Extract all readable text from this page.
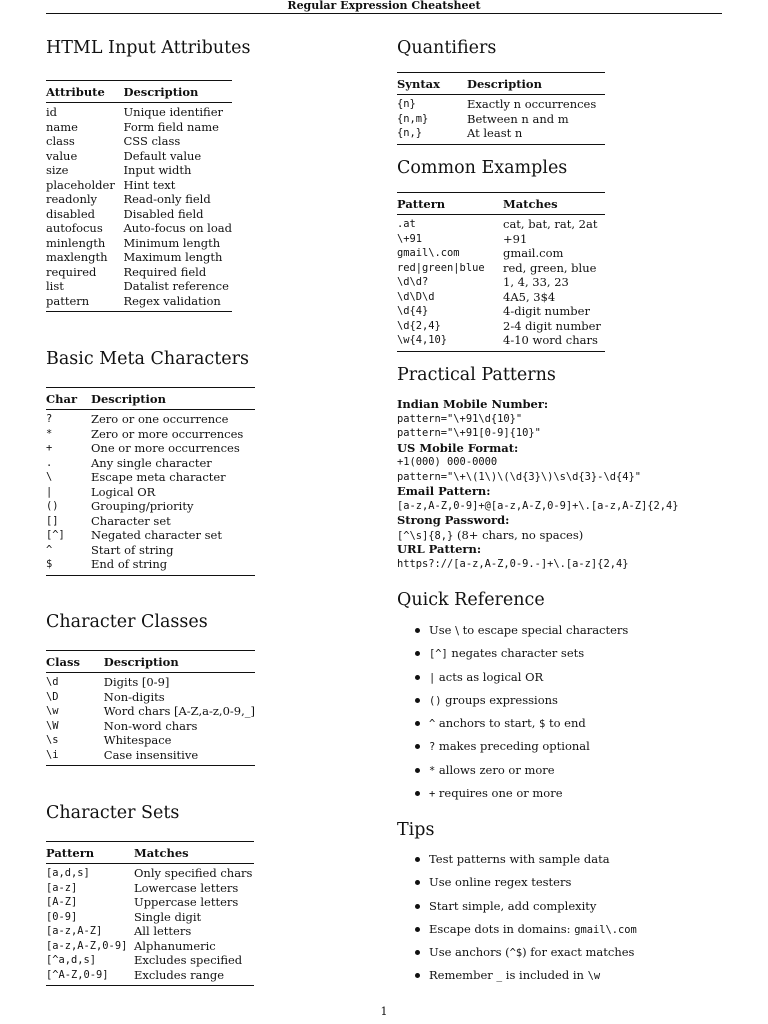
Regular Expression Cheatsheet
HTML Input Attributes
Attribute	Description
id	Unique identifier
name	Form field name
class	CSS class
value	Default value
size	Input width
placeholder	Hint text
readonly	Read-only field
disabled	Disabled field
autofocus	Auto-focus on load
minlength	Minimum length
maxlength	Maximum length
required	Required field
list	Datalist reference
pattern	Regex validation
Basic Meta Characters
Char	Description
?	Zero or one occurrence
*	Zero or more occurrences
+	One or more occurrences
.	Any single character
\	Escape meta character
|	Logical OR
()	Grouping/priority
[]	Character set
[^]	Negated character set
^	Start of string
$	End of string
Character Classes
Class	Description
\d	Digits [0-9]
\D	Non-digits
\w	Word chars [A-Z,a-z,0-9,_]
\W	Non-word chars
\s	Whitespace
\i	Case insensitive
Character Sets
Pattern	Matches
[a,d,s]	Only specified chars
[a-z]	Lowercase letters
[A-Z]	Uppercase letters
[0-9]	Single digit
[a-z,A-Z]	All letters
[a-z,A-Z,0-9]	Alphanumeric
[^a,d,s]	Excludes specified
[^A-Z,0-9]	Excludes range
Quantifiers
Syntax	Description
{n}	Exactly n occurrences
{n,m}	Between n and m
{n,}	At least n
Common Examples
Pattern	Matches
.at	cat, bat, rat, 2at
\+91	+91
gmail\.com	gmail.com
red|green|blue	red, green, blue
\d\d?	1, 4, 33, 23
\d\D\d	4A5, 3$4
\d{4}	4-digit number
\d{2,4}	2-4 digit number
\w{4,10}	4-10 word chars
Practical Patterns
Indian Mobile Number:
pattern="\+91\d{10}"
pattern="\+91[0-9]{10}"
US Mobile Format:
+1(000) 000-0000
pattern="\+\(1\)\(\d{3}\)\s\d{3}-\d{4}"
Email Pattern:
[a-z,A-Z,0-9]+@[a-z,A-Z,0-9]+\.[a-z,A-Z]{2,4}
Strong Password:
[^\s]{8,} (8+ chars, no spaces)
URL Pattern:
https?://[a-z,A-Z,0-9.-]+\.[a-z]{2,4}
Quick Reference
Use \ to escape special characters
[^] negates character sets
| acts as logical OR
() groups expressions
^ anchors to start, $ to end
? makes preceding optional
* allows zero or more
+ requires one or more
Tips
Test patterns with sample data
Use online regex testers
Start simple, add complexity
Escape dots in domains: gmail\.com
Use anchors (^$) for exact matches
Remember _ is included in \w
1
